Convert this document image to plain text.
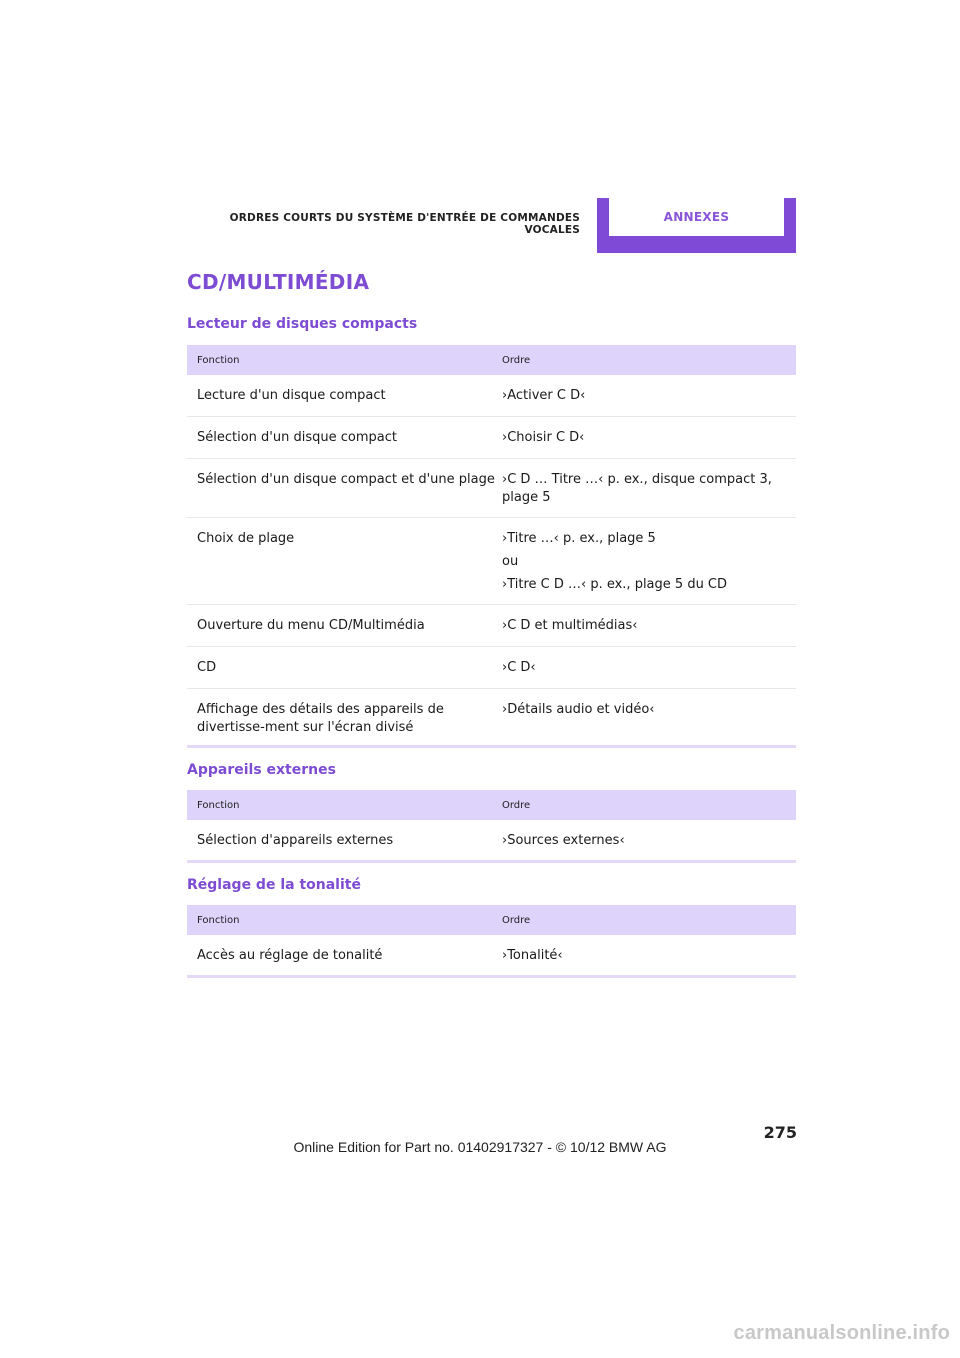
ORDRES COURTS DU SYSTÈME D'ENTRÉE DE COMMANDES VOCALES
ANNEXES
CD/MULTIMÉDIA
Lecteur de disques compacts
Fonction	Ordre
Lecture d'un disque compact	›Activer C D‹

Sélection d'un disque compact	›Choisir C D‹

Sélection d'un disque compact et d'une plage ›C D … Titre …‹ p. ex., disque compact 3, plage 5

Choix de plage	›Titre …‹ p. ex., plage 5

ou

›Titre C D …‹ p. ex., plage 5 du CD

Ouverture du menu CD/Multimédia	›C D et multimédias‹

CD	›C D‹

Affichage des détails des appareils de divertisse-ment sur l'écran divisé

›Détails audio et vidéo‹

Appareils externes
Fonction	Ordre
Sélection d'appareils externes	›Sources externes‹

Réglage de la tonalité
Fonction	Ordre
Accès au réglage de tonalité	›Tonalité‹

275
Online Edition for Part no. 01402917327 - © 10/12 BMW AG
carmanualsonline.info
